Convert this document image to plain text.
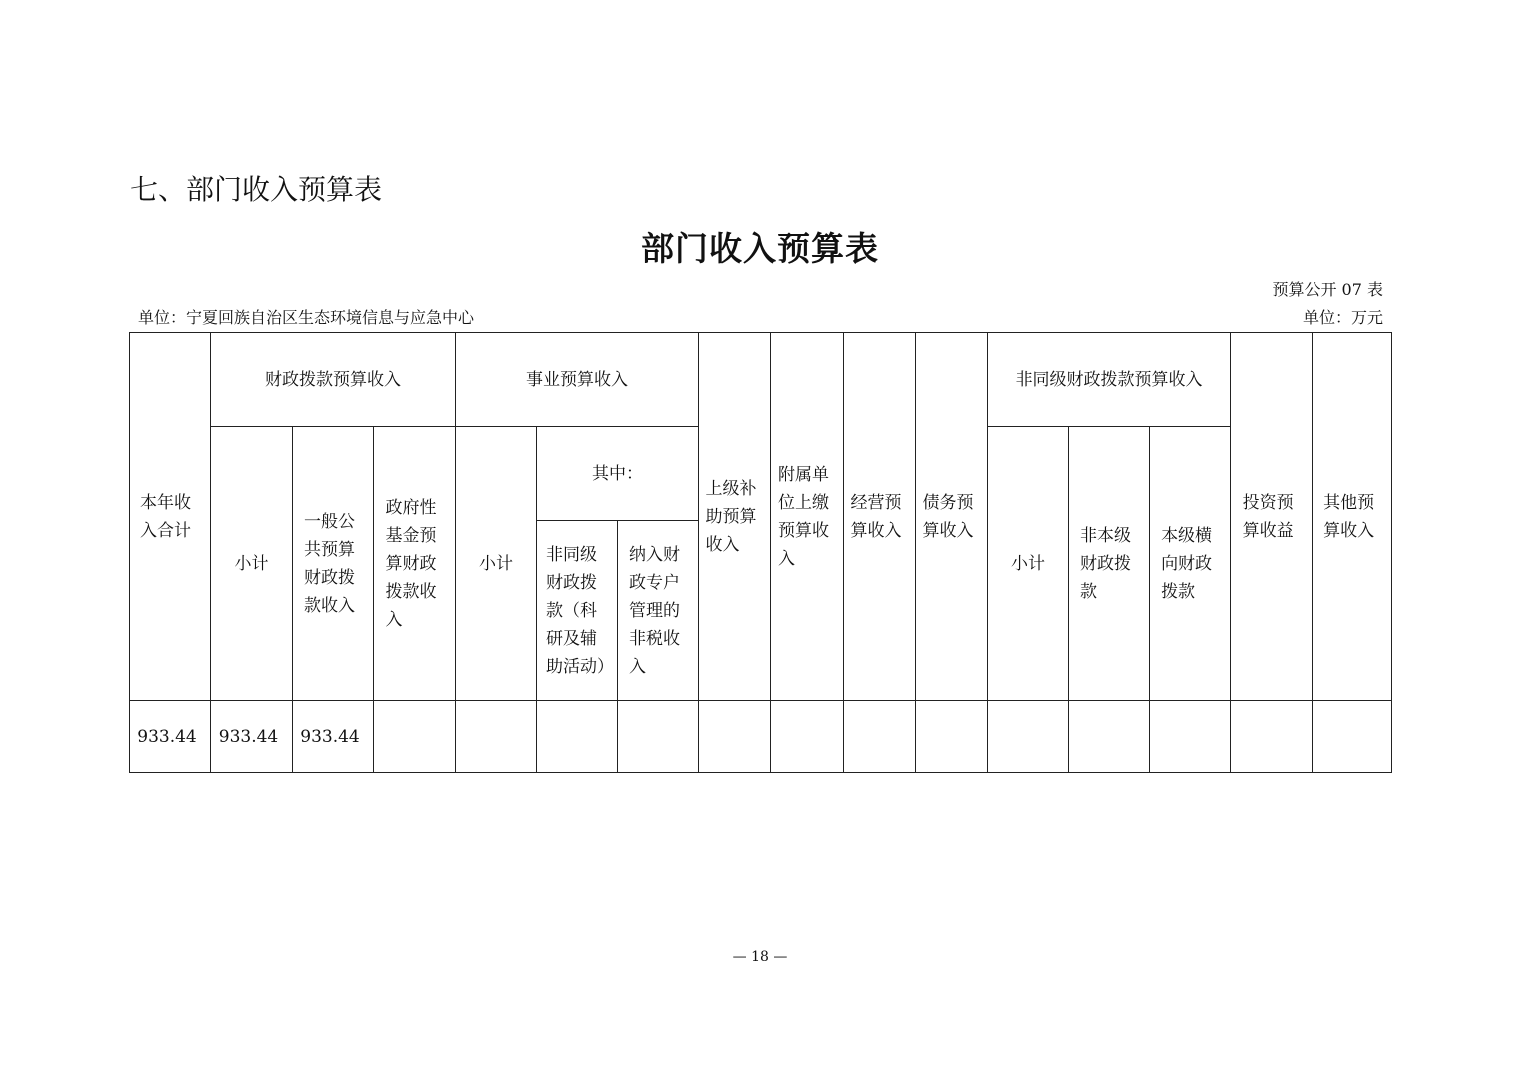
七、部门收入预算表
部门收入预算表
预算公开 07 表
单位：宁夏回族自治区生态环境信息与应急中心	单位：万元
本年收入合计	财政拨款预算收入			事业预算收入			上级补助预算收入	附属单位上缴预算收入	经营预算收入	债务预算收入	非同级财政拨款预算收入			投资预算收益	其他预算收入
	小计	一般公共预算财政拨款收入	政府性基金预算财政拨款收入	小计	其中：						小计	非本级财政拨款	本级横向财政拨款		
					非同级财政拨款（科研及辅助活动）	纳入财政专户管理的非税收入									
933.44	933.44	933.44													
— 18 —
